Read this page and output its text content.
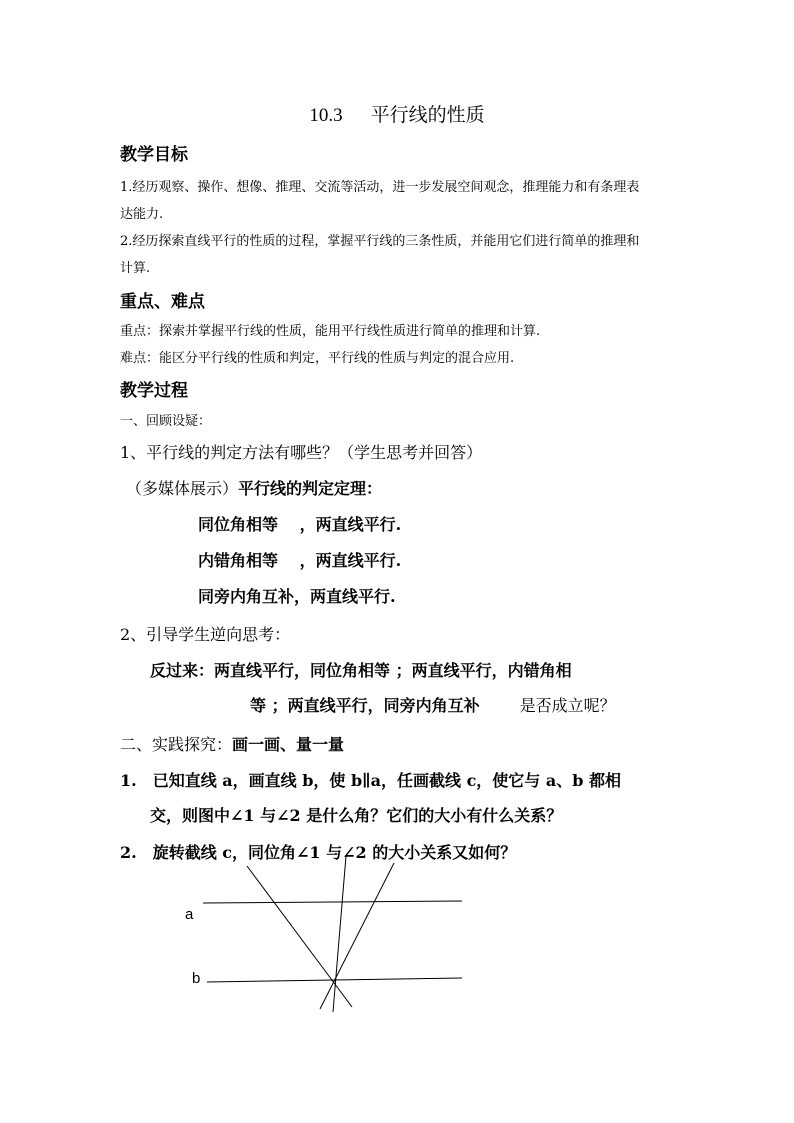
10.3 平行线的性质
教学目标
1.经历观察、操作、想像、推理、交流等活动，进一步发展空间观念，推理能力和有条理表
达能力.
2.经历探索直线平行的性质的过程，掌握平行线的三条性质，并能用它们进行简单的推理和
计算.
重点、难点
重点：探索并掌握平行线的性质，能用平行线性质进行简单的推理和计算.
难点：能区分平行线的性质和判定，平行线的性质与判定的混合应用.
教学过程
一、回顾设疑：
1、平行线的判定方法有哪些？（学生思考并回答）
（多媒体展示）平行线的判定定理：
同位角相等　 ，两直线平行.
内错角相等　 ，两直线平行.
同旁内角互补，两直线平行.
2、引导学生逆向思考：
反过来：两直线平行，同位角相等 ；两直线平行，内错角相
等 ；两直线平行，同旁内角互补	是否成立呢？
二、实践探究：画一画、量一量
1.　已知直线 a，画直线 b，使 b∥a，任画截线 c，使它与 a、b 都相
交，则图中∠1 与∠2 是什么角？它们的大小有什么关系？
2.　旋转截线 c，同位角∠1 与∠2 的大小关系又如何？
a
b
